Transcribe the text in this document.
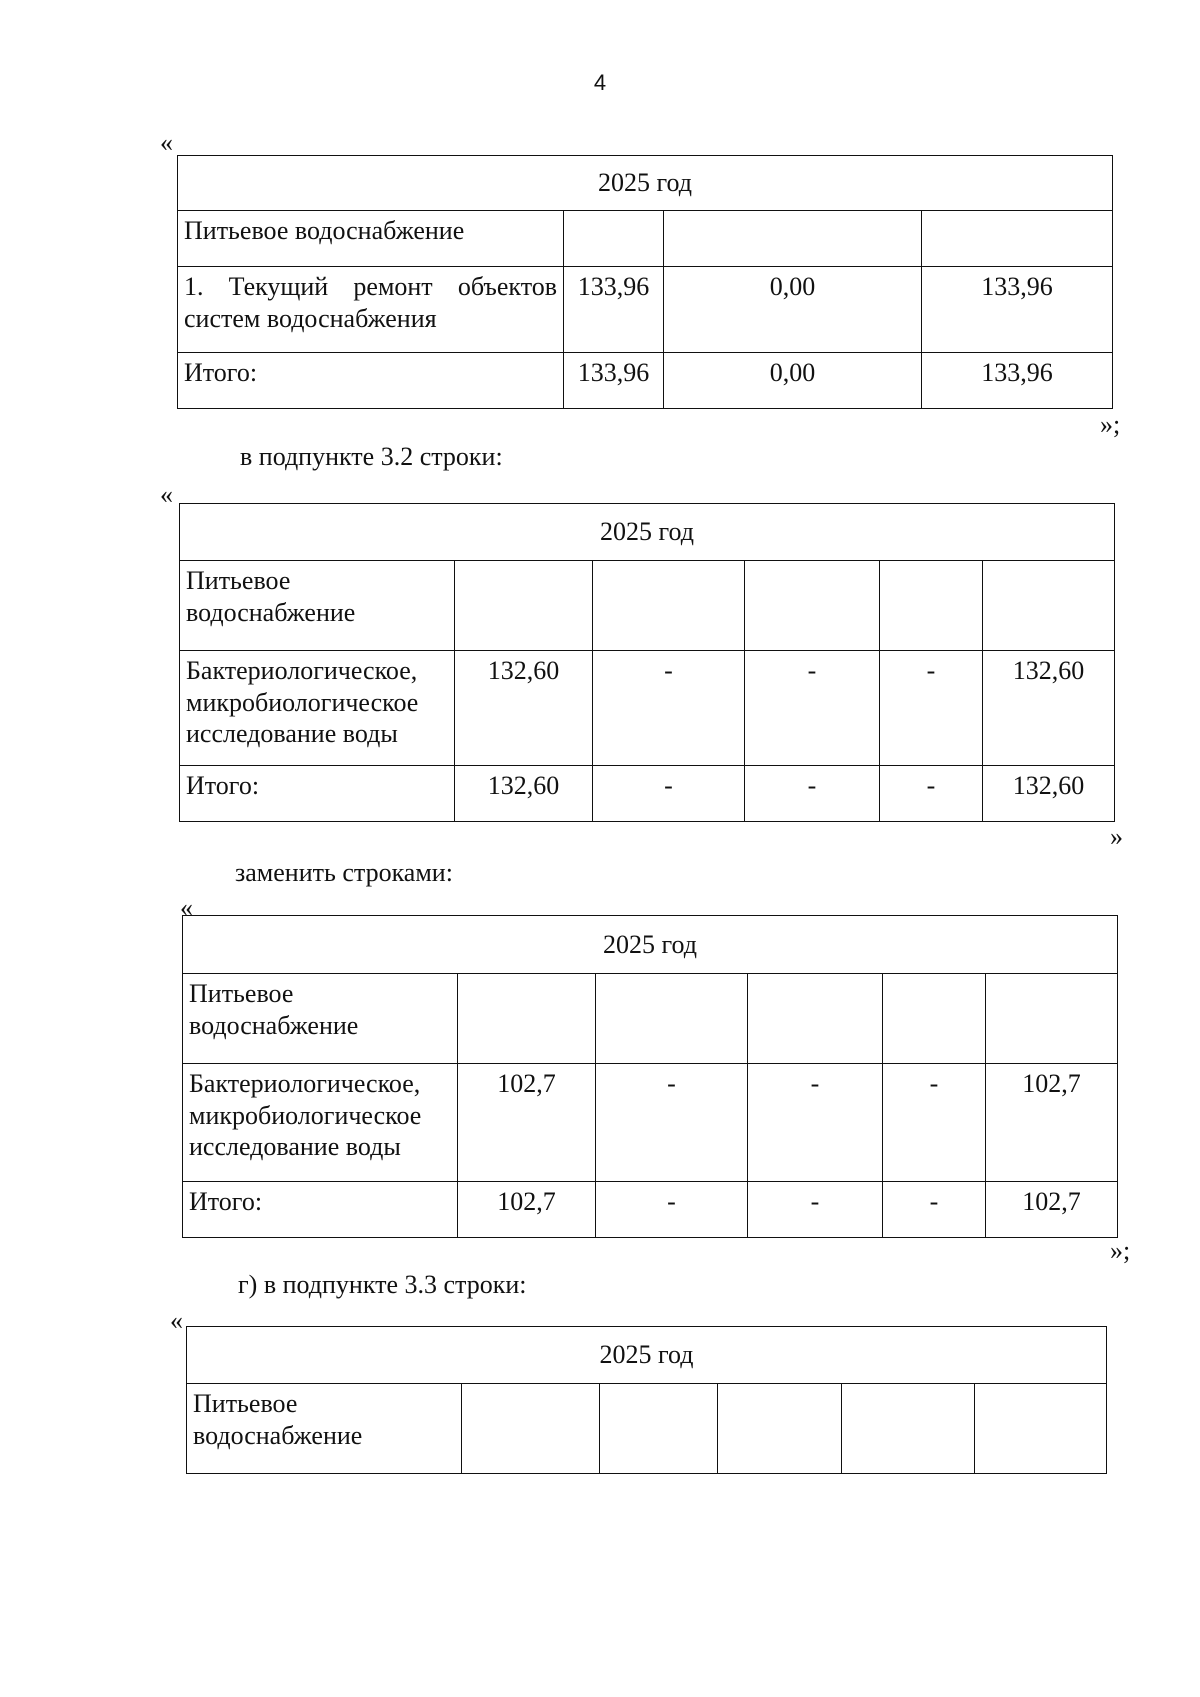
4
«
2025 год			
Питьевое водоснабжение			
1. Текущий ремонт объектов систем водоснабжения	133,96	0,00	133,96
Итого:	133,96	0,00	133,96
»;
в подпункте 3.2 строки:
«
2025 год					
Питьевое водоснабжение					
Бактериологическое, микробиологическое исследование воды	132,60	-	-	-	132,60
Итого:	132,60	-	-	-	132,60
»
заменить строками:
«
2025 год					
Питьевое водоснабжение					
Бактериологическое, микробиологическое исследование воды	102,7	-	-	-	102,7
Итого:	102,7	-	-	-	102,7
»;
г) в подпункте 3.3 строки:
«
2025 год
Питьевое водоснабжение					
